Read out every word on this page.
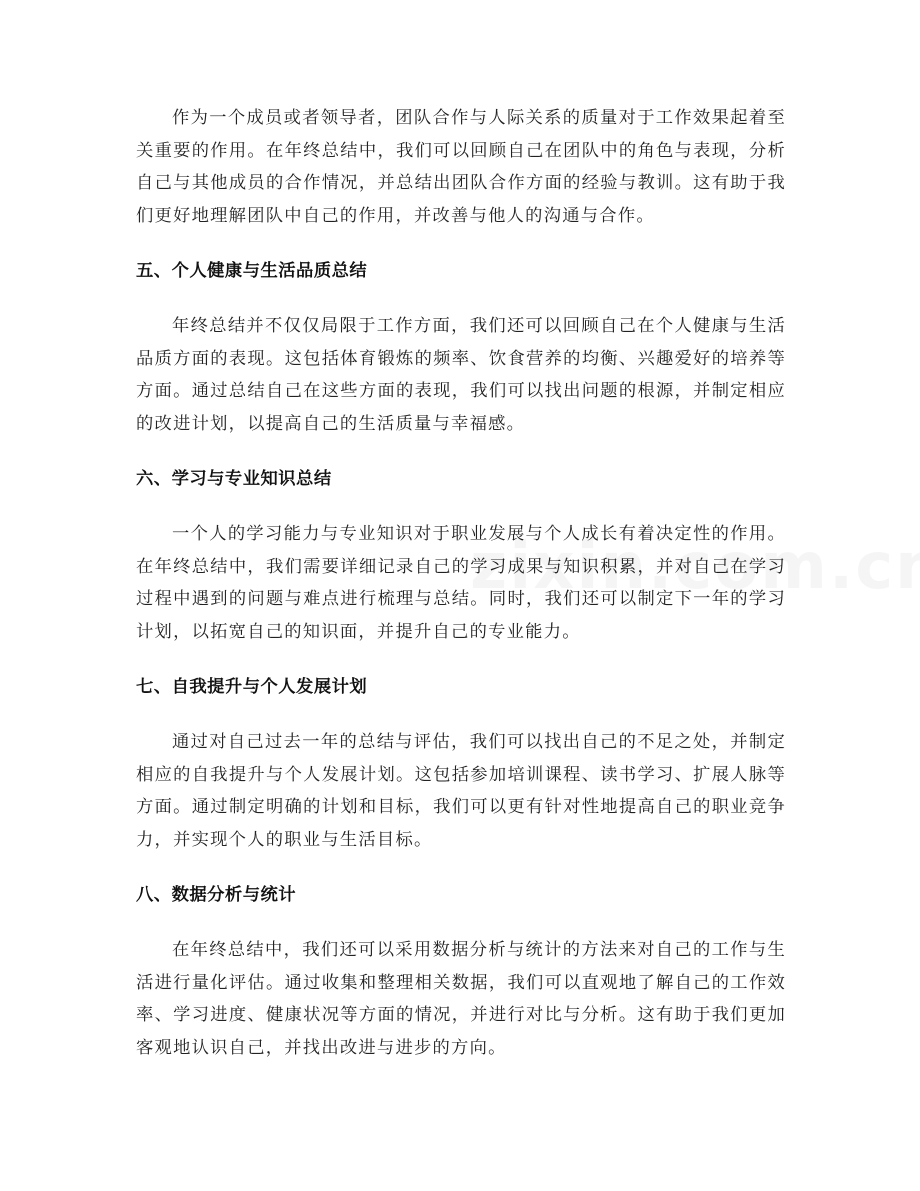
作为一个成员或者领导者，团队合作与人际关系的质量对于工作效果起着至关重要的作用。在年终总结中，我们可以回顾自己在团队中的角色与表现，分析自己与其他成员的合作情况，并总结出团队合作方面的经验与教训。这有助于我们更好地理解团队中自己的作用，并改善与他人的沟通与合作。

五、个人健康与生活品质总结

年终总结并不仅仅局限于工作方面，我们还可以回顾自己在个人健康与生活品质方面的表现。这包括体育锻炼的频率、饮食营养的均衡、兴趣爱好的培养等方面。通过总结自己在这些方面的表现，我们可以找出问题的根源，并制定相应的改进计划，以提高自己的生活质量与幸福感。

六、学习与专业知识总结

一个人的学习能力与专业知识对于职业发展与个人成长有着决定性的作用。在年终总结中，我们需要详细记录自己的学习成果与知识积累，并对自己在学习过程中遇到的问题与难点进行梳理与总结。同时，我们还可以制定下一年的学习计划，以拓宽自己的知识面，并提升自己的专业能力。

七、自我提升与个人发展计划

通过对自己过去一年的总结与评估，我们可以找出自己的不足之处，并制定相应的自我提升与个人发展计划。这包括参加培训课程、读书学习、扩展人脉等方面。通过制定明确的计划和目标，我们可以更有针对性地提高自己的职业竞争力，并实现个人的职业与生活目标。

八、数据分析与统计

在年终总结中，我们还可以采用数据分析与统计的方法来对自己的工作与生活进行量化评估。通过收集和整理相关数据，我们可以直观地了解自己的工作效率、学习进度、健康状况等方面的情况，并进行对比与分析。这有助于我们更加客观地认识自己，并找出改进与进步的方向。
